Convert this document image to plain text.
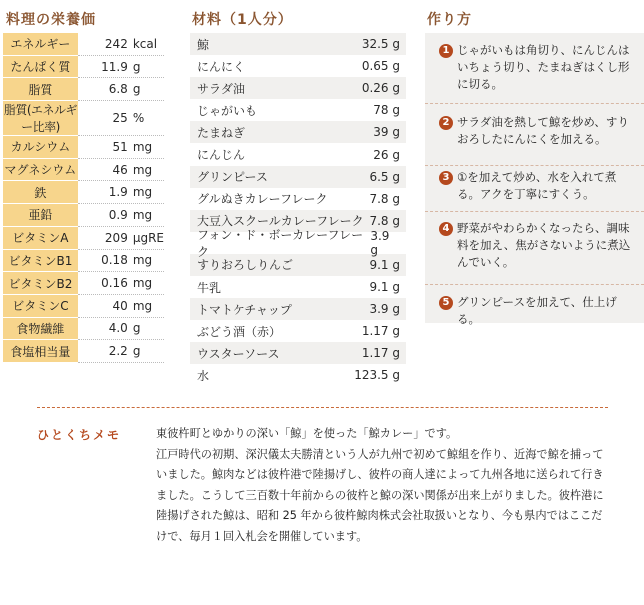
料理の栄養価
エネルギー	242 kcal
たんぱく質	11.9 g
脂質	6.8 g
脂質(エネルギー比率)	25 %
カルシウム	51 mg
マグネシウム	46 mg
鉄	1.9 mg
亜鉛	0.9 mg
ビタミンA	209 μgRE
ビタミンB1	0.18 mg
ビタミンB2	0.16 mg
ビタミンC	40 mg
食物繊維	4.0 g
食塩相当量	2.2 g
材料（1人分）
鯨	32.5 g
にんにく	0.65 g
サラダ油	0.26 g
じゃがいも	78 g
たまねぎ	39 g
にんじん	26 g
グリンピース	6.5 g
グルぬきカレーフレーク	7.8 g
大豆入スクールカレーフレーク 7.8 g
フォン・ド・ボーカレーフレーク
3.9 g
すりおろしりんご	9.1 g
牛乳	9.1 g
トマトケチャップ	3.9 g
ぶどう酒（赤）	1.17 g
ウスターソース	1.17 g
水	123.5 g
作り方
1 じゃがいもは角切り、にんじんはいちょう切り、たまねぎはくし形に切る。
2 サラダ油を熱して鯨を炒め、すりおろしたにんにくを加える。
3 ①を加えて炒め、水を入れて煮る。アクを丁寧にすくう。
4 野菜がやわらかくなったら、調味料を加え、焦がさないように煮込んでいく。
5 グリンピースを加えて、仕上げる。
ひとくちメモ	東彼杵町とゆかりの深い「鯨」を使った「鯨カレー」です。

江戸時代の初期、深沢儀太夫勝清という人が九州で初めて鯨組を作り、近海で鯨を捕っていました。鯨肉などは彼杵港で陸揚げし、彼杵の商人達によって九州各地に送られて行きました。こうして三百数十年前からの彼杵と鯨の深い関係が出来上がりました。彼杵港に陸揚げされた鯨は、昭和 25 年から彼杵鯨肉株式会社取扱いとなり、今も県内ではここだけで、毎月１回入札会を開催しています。
